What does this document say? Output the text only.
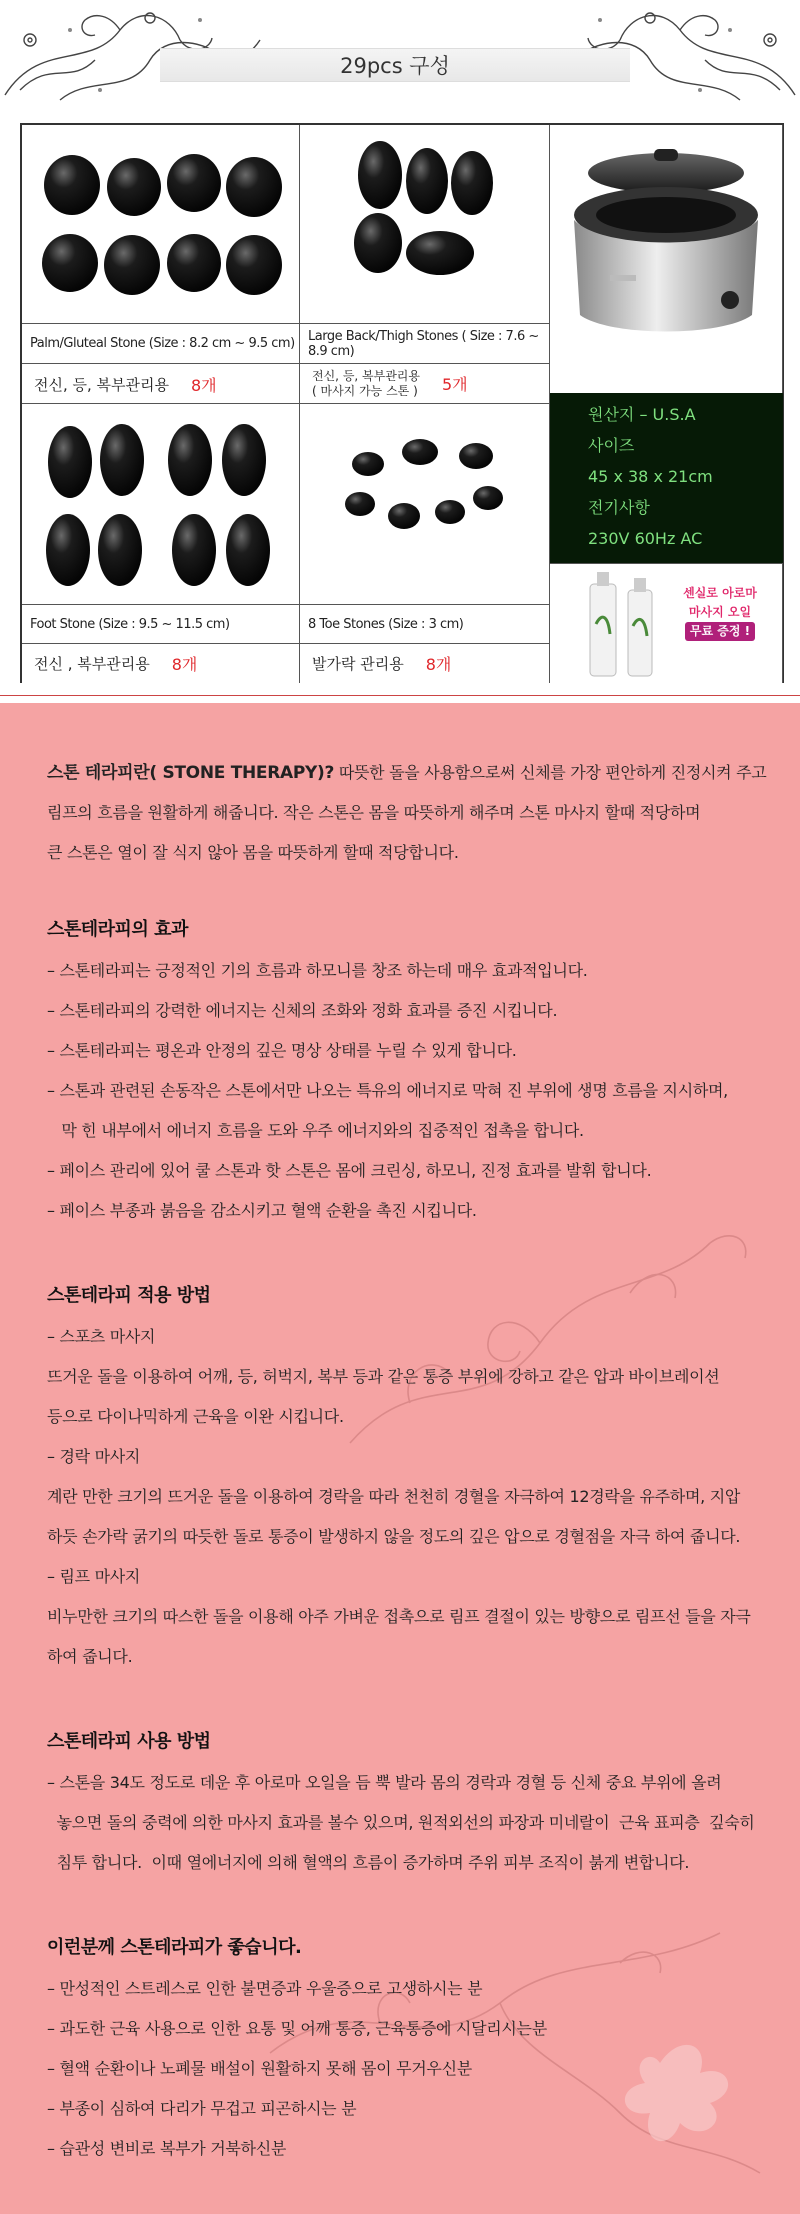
29pcs 구성
Palm/Gluteal Stone (Size : 8.2 cm ~ 9.5 cm)
전신, 등, 복부관리용 8개
Large Back/Thigh Stones ( Size : 7.6 ~ 8.9 cm)
전신, 등, 복부관리용
( 마사지 가능 스톤 ) 5개
원산지 – U.S.A
사이즈
45 x 38 x 21cm
전기사항
230V 60Hz AC
Foot Stone (Size : 9.5 ~ 11.5 cm)
전신 , 복부관리용 8개
8 Toe Stones (Size : 3 cm)
발가락 관리용 8개
센실로 아로마
마사지 오일
무료 증정 !
스톤 테라피란( STONE THERAPY)? 따뜻한 돌을 사용함으로써 신체를 가장 편안하게 진정시켜 주고
림프의 흐름을 원활하게 해줍니다. 작은 스톤은 몸을 따뜻하게 해주며 스톤 마사지 할때 적당하며
큰 스톤은 열이 잘 식지 않아 몸을 따뜻하게 할때 적당합니다.
스톤테라피의 효과
– 스톤테라피는 긍정적인 기의 흐름과 하모니를 창조 하는데 매우 효과적입니다.
– 스톤테라피의 강력한 에너지는 신체의 조화와 정화 효과를 증진 시킵니다.
– 스톤테라피는 평온과 안정의 깊은 명상 상태를 누릴 수 있게 합니다.
– 스톤과 관련된 손동작은 스톤에서만 나오는 특유의 에너지로 막혀 진 부위에 생명 흐름을 지시하며,
막 힌 내부에서 에너지 흐름을 도와 우주 에너지와의 집중적인 접촉을 합니다.
– 페이스 관리에 있어 쿨 스톤과 핫 스톤은 몸에 크린싱, 하모니, 진정 효과를 발휘 합니다.
– 페이스 부종과 붉음을 감소시키고 혈액 순환을 촉진 시킵니다.
스톤테라피 적용 방법
– 스포츠 마사지
뜨거운 돌을 이용하여 어깨, 등, 허벅지, 복부 등과 같은 통증 부위에 강하고 같은 압과 바이브레이션
등으로 다이나믹하게 근육을 이완 시킵니다.
– 경락 마사지
계란 만한 크기의 뜨거운 돌을 이용하여 경락을 따라 천천히 경혈을 자극하여 12경락을 유주하며, 지압
하듯 손가락 굵기의 따듯한 돌로 통증이 발생하지 않을 정도의 깊은 압으로 경혈점을 자극 하여 줍니다.
– 림프 마사지
비누만한 크기의 따스한 돌을 이용해 아주 가벼운 접촉으로 림프 결절이 있는 방향으로 림프선 들을 자극
하여 줍니다.
스톤테라피 사용 방법
– 스톤을 34도 정도로 데운 후 아로마 오일을 듬 뿍 발라 몸의 경락과 경혈 등 신체 중요 부위에 올려
놓으면 돌의 중력에 의한 마사지 효과를 볼수 있으며, 원적외선의 파장과 미네랄이  근육 표피층  깊숙히
침투 합니다.  이때 열에너지에 의해 혈액의 흐름이 증가하며 주위 피부 조직이 붉게 변합니다.
이런분께 스톤테라피가 좋습니다.
– 만성적인 스트레스로 인한 불면증과 우울증으로 고생하시는 분
– 과도한 근육 사용으로 인한 요통 및 어깨 통증, 근육통증에 시달리시는분
– 혈액 순환이나 노폐물 배설이 원활하지 못해 몸이 무거우신분
– 부종이 심하여 다리가 무겁고 피곤하시는 분
– 습관성 변비로 복부가 거북하신분
